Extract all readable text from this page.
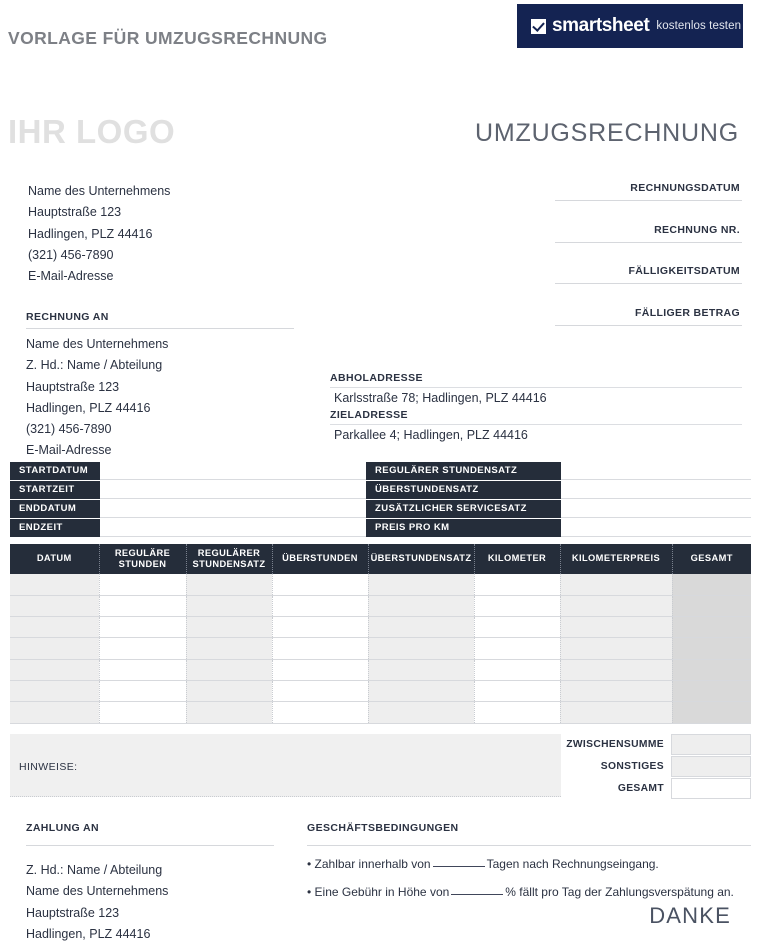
VORLAGE FÜR UMZUGSRECHNUNG
smartsheet kostenlos testen
IHR LOGO	UMZUGSRECHNUNG
Name des Unternehmens
Hauptstraße 123
Hadlingen, PLZ 44416
(321) 456-7890
E-Mail-Adresse
RECHNUNGSDATUM
RECHNUNG NR.
FÄLLIGKEITSDATUM
FÄLLIGER BETRAG
RECHNUNG AN
Name des Unternehmens
Z. Hd.: Name / Abteilung
Hauptstraße 123
Hadlingen, PLZ 44416
(321) 456-7890
E-Mail-Adresse
ABHOLADRESSE
Karlsstraße 78; Hadlingen, PLZ 44416
ZIELADRESSE
Parkallee 4; Hadlingen, PLZ 44416
STARTDATUM	REGULÄRER STUNDENSATZ
STARTZEIT	ÜBERSTUNDENSATZ
ENDDATUM	ZUSÄTZLICHER SERVICESATZ
ENDZEIT	PREIS PRO KM
DATUM	REGULÄRE STUNDEN	REGULÄRER STUNDENSATZ	ÜBERSTUNDEN	ÜBERSTUNDENSATZ	KILOMETER	KILOMETERPREIS	GESAMT

HINWEISE:
ZWISCHENSUMME
SONSTIGES
GESAMT
ZAHLUNG AN
Z. Hd.: Name / Abteilung
Name des Unternehmens
Hauptstraße 123
Hadlingen, PLZ 44416
GESCHÄFTSBEDINGUNGEN
• Zahlbar innerhalb von	Tagen nach Rechnungseingang.
• Eine Gebühr in Höhe von	% fällt pro Tag der Zahlungsverspätung an.
DANKE
